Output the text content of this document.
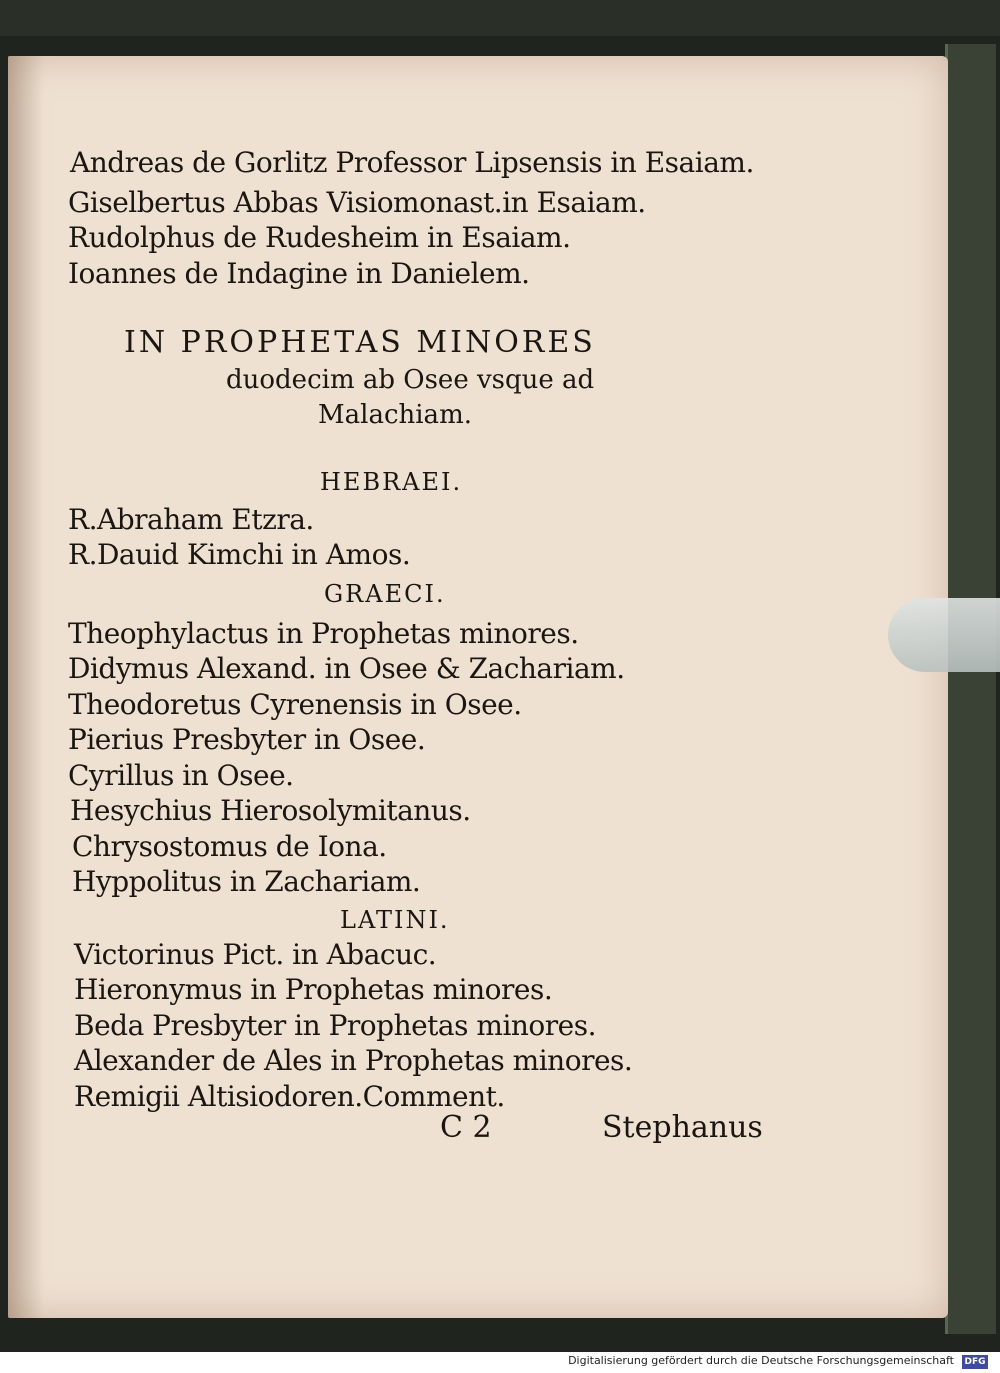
Andreas de Gorlitz Professor Lipsensis in Esaiam.
Giselbertus Abbas Visiomonast.in Esaiam.
Rudolphus de Rudesheim in Esaiam.
Ioannes de Indagine in Danielem.
IN PROPHETAS MINORES
duodecim ab Osee vsque ad
Malachiam.
HEBRAEI.
R.Abraham Etzra.
R.Dauid Kimchi in Amos.
GRAECI.
Theophylactus in Prophetas minores.
Didymus Alexand. in Osee & Zachariam.
Theodoretus Cyrenensis in Osee.
Pierius Presbyter in Osee.
Cyrillus in Osee.
Hesychius Hierosolymitanus.
Chrysostomus de Iona.
Hyppolitus in Zachariam.
LATINI.
Victorinus Pict. in Abacuc.
Hieronymus in Prophetas minores.
Beda Presbyter in Prophetas minores.
Alexander de Ales in Prophetas minores.
Remigii Altisiodoren.Comment.
C 2	Stephanus
Digitalisierung gefördert durch die Deutsche Forschungsgemeinschaft DFG
